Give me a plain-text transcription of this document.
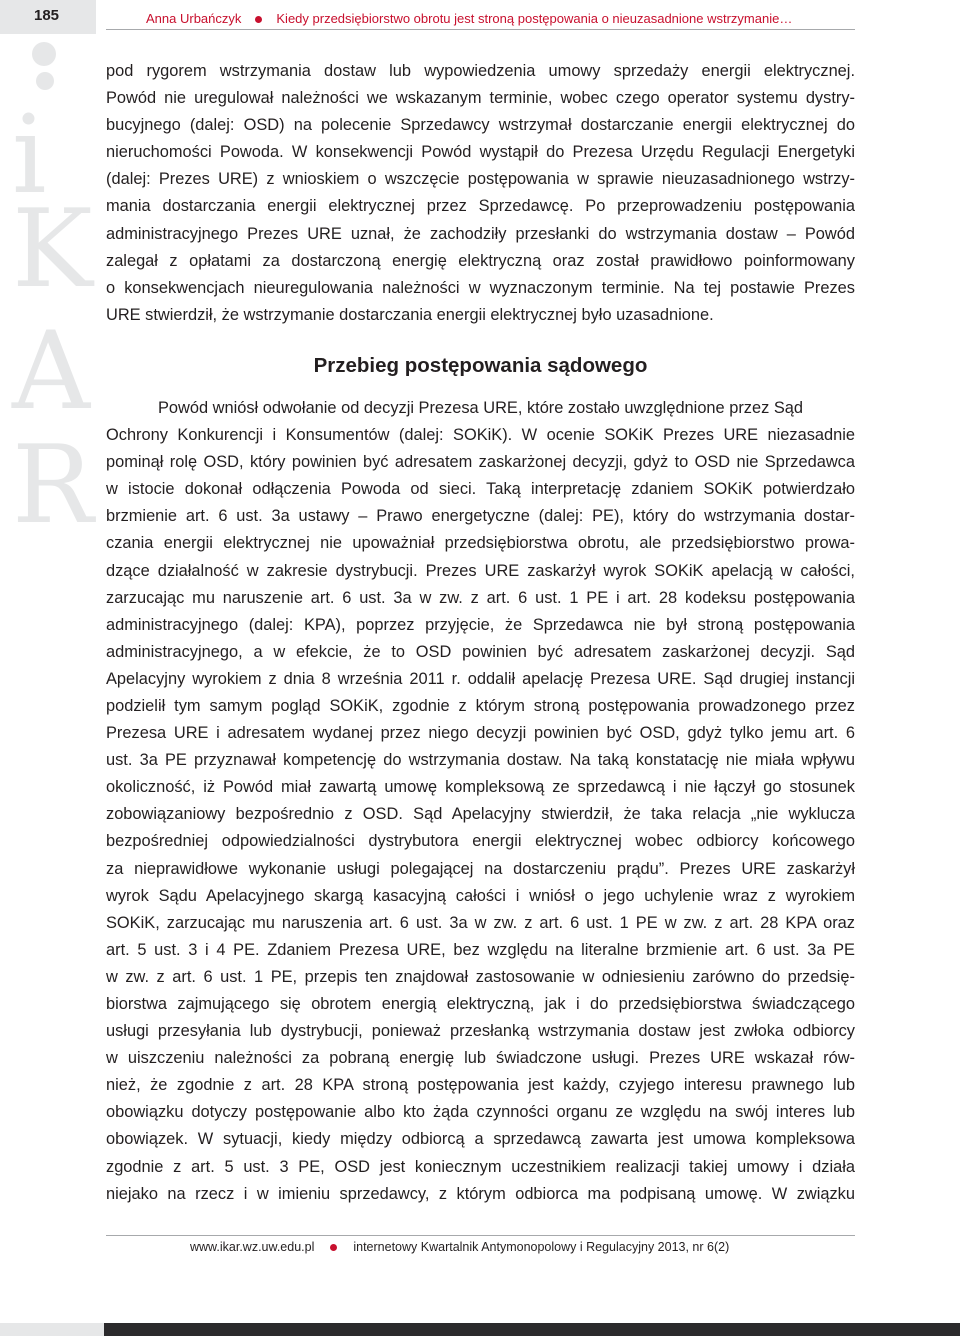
185	Anna Urbańczyk	Kiedy przedsiębiorstwo obrotu jest stroną postępowania o nieuzasadnione wstrzymanie…
i
K
A
R
pod rygorem wstrzymania dostaw lub wypowiedzenia umowy sprzedaży energii elektrycznej.
Powód nie uregulował należności we wskazanym terminie, wobec czego operator systemu dystry-
bucyjnego (dalej: OSD) na polecenie Sprzedawcy wstrzymał dostarczanie energii elektrycznej do
nieruchomości Powoda. W konsekwencji Powód wystąpił do Prezesa Urzędu Regulacji Energetyki
(dalej: Prezes URE) z wnioskiem o wszczęcie postępowania w sprawie nieuzasadnionego wstrzy-
mania dostarczania energii elektrycznej przez Sprzedawcę. Po przeprowadzeniu postępowania
administracyjnego Prezes URE uznał, że zachodziły przesłanki do wstrzymania dostaw – Powód
zalegał z opłatami za dostarczoną energię elektryczną oraz został prawidłowo poinformowany
o konsekwencjach nieuregulowania należności w wyznaczonym terminie. Na tej postawie Prezes
URE stwierdził, że wstrzymanie dostarczania energii elektrycznej było uzasadnione.
Przebieg postępowania sądowego
Powód wniósł odwołanie od decyzji Prezesa URE, które zostało uwzględnione przez Sąd
Ochrony Konkurencji i Konsumentów (dalej: SOKiK). W ocenie SOKiK Prezes URE niezasadnie
pominął rolę OSD, który powinien być adresatem zaskarżonej decyzji, gdyż to OSD nie Sprzedawca
w istocie dokonał odłączenia Powoda od sieci. Taką interpretację zdaniem SOKiK potwierdzało
brzmienie art. 6 ust. 3a ustawy – Prawo energetyczne (dalej: PE), który do wstrzymania dostar-
czania energii elektrycznej nie upoważniał przedsiębiorstwa obrotu, ale przedsiębiorstwo prowa-
dzące działalność w zakresie dystrybucji. Prezes URE zaskarżył wyrok SOKiK apelacją w całości,
zarzucając mu naruszenie art. 6 ust. 3a w zw. z art. 6 ust. 1 PE i art. 28 kodeksu postępowania
administracyjnego (dalej: KPA), poprzez przyjęcie, że Sprzedawca nie był stroną postępowania
administracyjnego, a w efekcie, że to OSD powinien być adresatem zaskarżonej decyzji. Sąd
Apelacyjny wyrokiem z dnia 8 września 2011 r. oddalił apelację Prezesa URE. Sąd drugiej instancji
podzielił tym samym pogląd SOKiK, zgodnie z którym stroną postępowania prowadzonego przez
Prezesa URE i adresatem wydanej przez niego decyzji powinien być OSD, gdyż tylko jemu art. 6
ust. 3a PE przyznawał kompetencję do wstrzymania dostaw. Na taką konstatację nie miała wpływu
okoliczność, iż Powód miał zawartą umowę kompleksową ze sprzedawcą i nie łączył go stosunek
zobowiązaniowy bezpośrednio z OSD. Sąd Apelacyjny stwierdził, że taka relacja „nie wyklucza
bezpośredniej odpowiedzialności dystrybutora energii elektrycznej wobec odbiorcy końcowego
za nieprawidłowe wykonanie usługi polegającej na dostarczeniu prądu”. Prezes URE zaskarżył
wyrok Sądu Apelacyjnego skargą kasacyjną całości i wniósł o jego uchylenie wraz z wyrokiem
SOKiK, zarzucając mu naruszenia art. 6 ust. 3a w zw. z art. 6 ust. 1 PE w zw. z art. 28 KPA oraz
art. 5 ust. 3 i 4 PE. Zdaniem Prezesa URE, bez względu na literalne brzmienie art. 6 ust. 3a PE
w zw. z art. 6 ust. 1 PE, przepis ten znajdował zastosowanie w odniesieniu zarówno do przedsię-
biorstwa zajmującego się obrotem energią elektryczną, jak i do przedsiębiorstwa świadczącego
usługi przesyłania lub dystrybucji, ponieważ przesłanką wstrzymania dostaw jest zwłoka odbiorcy
w uiszczeniu należności za pobraną energię lub świadczone usługi. Prezes URE wskazał rów-
nież, że zgodnie z art. 28 KPA stroną postępowania jest każdy, czyjego interesu prawnego lub
obowiązku dotyczy postępowanie albo kto żąda czynności organu ze względu na swój interes lub
obowiązek. W sytuacji, kiedy między odbiorcą a sprzedawcą zawarta jest umowa kompleksowa
zgodnie z art. 5 ust. 3 PE, OSD jest koniecznym uczestnikiem realizacji takiej umowy i działa
niejako na rzecz i w imieniu sprzedawcy, z którym odbiorca ma podpisaną umowę. W związku
www.ikar.wz.uw.edu.pl	internetowy Kwartalnik Antymonopolowy i Regulacyjny 2013, nr 6(2)
